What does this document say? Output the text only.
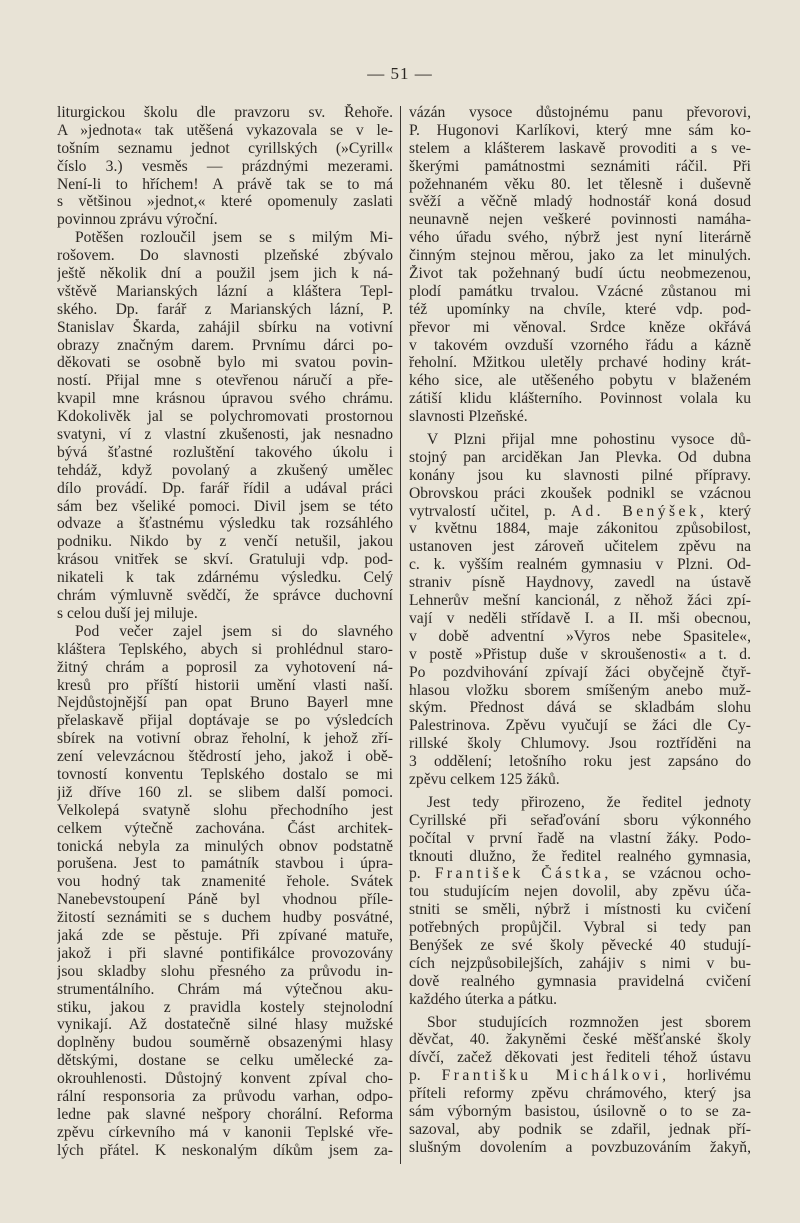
— 51 —
liturgickou školu dle pravzoru sv. Řehoře.
A »jednota« tak utěšená vykazovala se v le-
tošním seznamu jednot cyrillských (»Cyrill«
číslo 3.) vesměs — prázdnými mezerami.
Není-li to hříchem! A právě tak se to má
s většinou »jednot,« které opomenuly zaslati
povinnou zprávu výroční.
Potěšen rozloučil jsem se s milým Mi-
rošovem. Do slavnosti plzeňské zbývalo
ještě několik dní a použil jsem jich k ná-
vštěvě Marianských lázní a kláštera Tepl-
ského. Dp. farář z Marianských lázní, P.
Stanislav Škarda, zahájil sbírku na votivní
obrazy značným darem. Prvnímu dárci po-
děkovati se osobně bylo mi svatou povin-
ností. Přijal mne s otevřenou náručí a pře-
kvapil mne krásnou úpravou svého chrámu.
Kdokolivěk jal se polychromovati prostornou
svatyni, ví z vlastní zkušenosti, jak nesnadno
bývá šťastné rozluštění takového úkolu i
tehdáž, když povolaný a zkušený umělec
dílo provádí. Dp. farář řídil a udával práci
sám bez všeliké pomoci. Divil jsem se této
odvaze a šťastnému výsledku tak rozsáhlého
podniku. Nikdo by z venčí netušil, jakou
krásou vnitřek se skví. Gratuluji vdp. pod-
nikateli k tak zdárnému výsledku. Celý
chrám výmluvně svědčí, že správce duchovní
s celou duší jej miluje.
Pod večer zajel jsem si do slavného
kláštera Teplského, abych si prohlédnul staro-
žitný chrám a poprosil za vyhotovení ná-
kresů pro příští historii umění vlasti naší.
Nejdůstojnější pan opat Bruno Bayerl mne
přelaskavě přijal doptávaje se po výsledcích
sbírek na votivní obraz řeholní, k jehož zří-
zení velevzácnou štědrostí jeho, jakož i obě-
tovností konventu Teplského dostalo se mi
již dříve 160 zl. se slibem další pomoci.
Velkolepá svatyně slohu přechodního jest
celkem výtečně zachována. Část architek-
tonická nebyla za minulých obnov podstatně
porušena. Jest to památník stavbou i úpra-
vou hodný tak znamenité řehole. Svátek
Nanebevstoupení Páně byl vhodnou příle-
žitostí seznámiti se s duchem hudby posvátné,
jaká zde se pěstuje. Při zpívané matuře,
jakož i při slavné pontifikálce provozovány
jsou skladby slohu přesného za průvodu in-
strumentálního. Chrám má výtečnou aku-
stiku, jakou z pravidla kostely stejnolodní
vynikají. Až dostatečně silné hlasy mužské
doplněny budou souměrně obsazenými hlasy
dětskými, dostane se celku umělecké za-
okrouhlenosti. Důstojný konvent zpíval cho-
rální responsoria za průvodu varhan, odpo-
ledne pak slavné nešpory chorální. Reforma
zpěvu církevního má v kanonii Teplské vře-
lých přátel. K neskonalým díkům jsem za-
vázán vysoce důstojnému panu převorovi,
P. Hugonovi Karlíkovi, který mne sám ko-
stelem a klášterem laskavě provoditi a s ve-
škerými památnostmi seznámiti ráčil. Při
požehnaném věku 80. let tělesně i duševně
svěží a věčně mladý hodnostář koná dosud
neunavně nejen veškeré povinnosti namáha-
vého úřadu svého, nýbrž jest nyní literárně
činným stejnou měrou, jako za let minulých.
Život tak požehnaný budí úctu neobmezenou,
plodí památku trvalou. Vzácné zůstanou mi
též upomínky na chvíle, které vdp. pod-
převor mi věnoval. Srdce kněze okřává
v takovém ovzduší vzorného řádu a kázně
řeholní. Mžitkou uletěly prchavé hodiny krát-
kého sice, ale utěšeného pobytu v blaženém
zátiší klidu klášterního. Povinnost volala ku
slavnosti Plzeňské.
V Plzni přijal mne pohostinu vysoce dů-
stojný pan arciděkan Jan Plevka. Od dubna
konány jsou ku slavnosti pilné přípravy.
Obrovskou práci zkoušek podnikl se vzácnou
vytrvalostí učitel, p. Ad. Benýšek, který
v květnu 1884, maje zákonitou způsobilost,
ustanoven jest zároveň učitelem zpěvu na
c. k. vyšším realném gymnasiu v Plzni. Od-
straniv písně Haydnovy, zavedl na ústavě
Lehnerův mešní kancionál, z něhož žáci zpí-
vají v neděli střídavě I. a II. mši obecnou,
v době adventní »Vyros nebe Spasitele«,
v postě »Přistup duše v skroušenosti« a t. d.
Po pozdvihování zpívají žáci obyčejně čtyř-
hlasou vložku sborem smíšeným anebo muž-
ským. Přednost dává se skladbám slohu
Palestrinova. Zpěvu vyučují se žáci dle Cy-
rillské školy Chlumovy. Jsou roztříděni na
3 oddělení; letošního roku jest zapsáno do
zpěvu celkem 125 žáků.
Jest tedy přirozeno, že ředitel jednoty
Cyrillské při seřaďování sboru výkonného
počítal v první řadě na vlastní žáky. Podo-
tknouti dlužno, že ředitel realného gymnasia,
p. František Částka, se vzácnou ocho-
tou studujícím nejen dovolil, aby zpěvu úča-
stniti se směli, nýbrž i místnosti ku cvičení
potřebných propůjčil. Vybral si tedy pan
Benýšek ze své školy pěvecké 40 studují-
cích nejzpůsobilejších, zahájiv s nimi v bu-
dově realného gymnasia pravidelná cvičení
každého úterka a pátku.
Sbor studujících rozmnožen jest sborem
děvčat, 40. žakyněmi české měšťanské školy
dívčí, začež děkovati jest řediteli téhož ústavu
p. Františku Michálkovi, horlivému
příteli reformy zpěvu chrámového, který jsa
sám výborným basistou, úsilovně o to se za-
sazoval, aby podnik se zdařil, jednak pří-
slušným dovolením a povzbuzováním žakyň,
